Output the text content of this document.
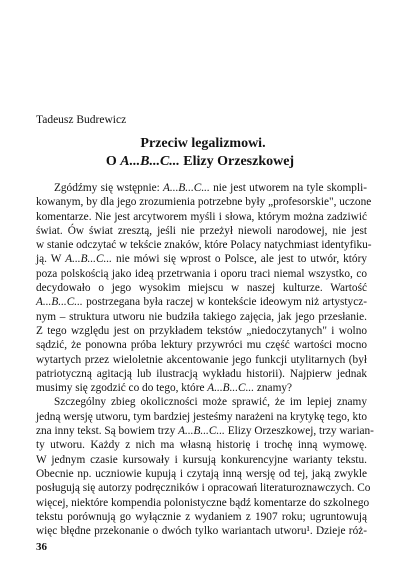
Tadeusz Budrewicz
Przeciw legalizmowi.
O A...B...C... Elizy Orzeszkowej
Zgódźmy się wstępnie: A...B...C... nie jest utworem na tyle skompli-
kowanym, by dla jego zrozumienia potrzebne były „profesorskie", uczone
komentarze. Nie jest arcytworem myśli i słowa, którym można zadziwić
świat. Ów świat zresztą, jeśli nie przeżył niewoli narodowej, nie jest
w stanie odczytać w tekście znaków, które Polacy natychmiast identyfiku-
ją. W A...B...C... nie mówi się wprost o Polsce, ale jest to utwór, który
poza polskością jako ideą przetrwania i oporu traci niemal wszystko, co
decydowało o jego wysokim miejscu w naszej kulturze. Wartość
A...B...C... postrzegana była raczej w kontekście ideowym niż artystycz-
nym – struktura utworu nie budziła takiego zajęcia, jak jego przesłanie.
Z tego względu jest on przykładem tekstów „niedoczytanych" i wolno
sądzić, że ponowna próba lektury przywróci mu część wartości mocno
wytartych przez wieloletnie akcentowanie jego funkcji utylitarnych (był
patriotyczną agitacją lub ilustracją wykładu historii). Najpierw jednak
musimy się zgodzić co do tego, które A...B...C... znamy?
Szczególny zbieg okoliczności może sprawić, że im lepiej znamy
jedną wersję utworu, tym bardziej jesteśmy narażeni na krytykę tego, kto
zna inny tekst. Są bowiem trzy A...B...C... Elizy Orzeszkowej, trzy warian-
ty utworu. Każdy z nich ma własną historię i trochę inną wymowę.
W jednym czasie kursowały i kursują konkurencyjne warianty tekstu.
Obecnie np. uczniowie kupują i czytają inną wersję od tej, jaką zwykle
posługują się autorzy podręczników i opracowań literaturoznawczych. Co
więcej, niektóre kompendia polonistyczne bądź komentarze do szkolnego
tekstu porównują go wyłącznie z wydaniem z 1907 roku; ugruntowują
więc błędne przekonanie o dwóch tylko wariantach utworu¹. Dzieje róż-
36
